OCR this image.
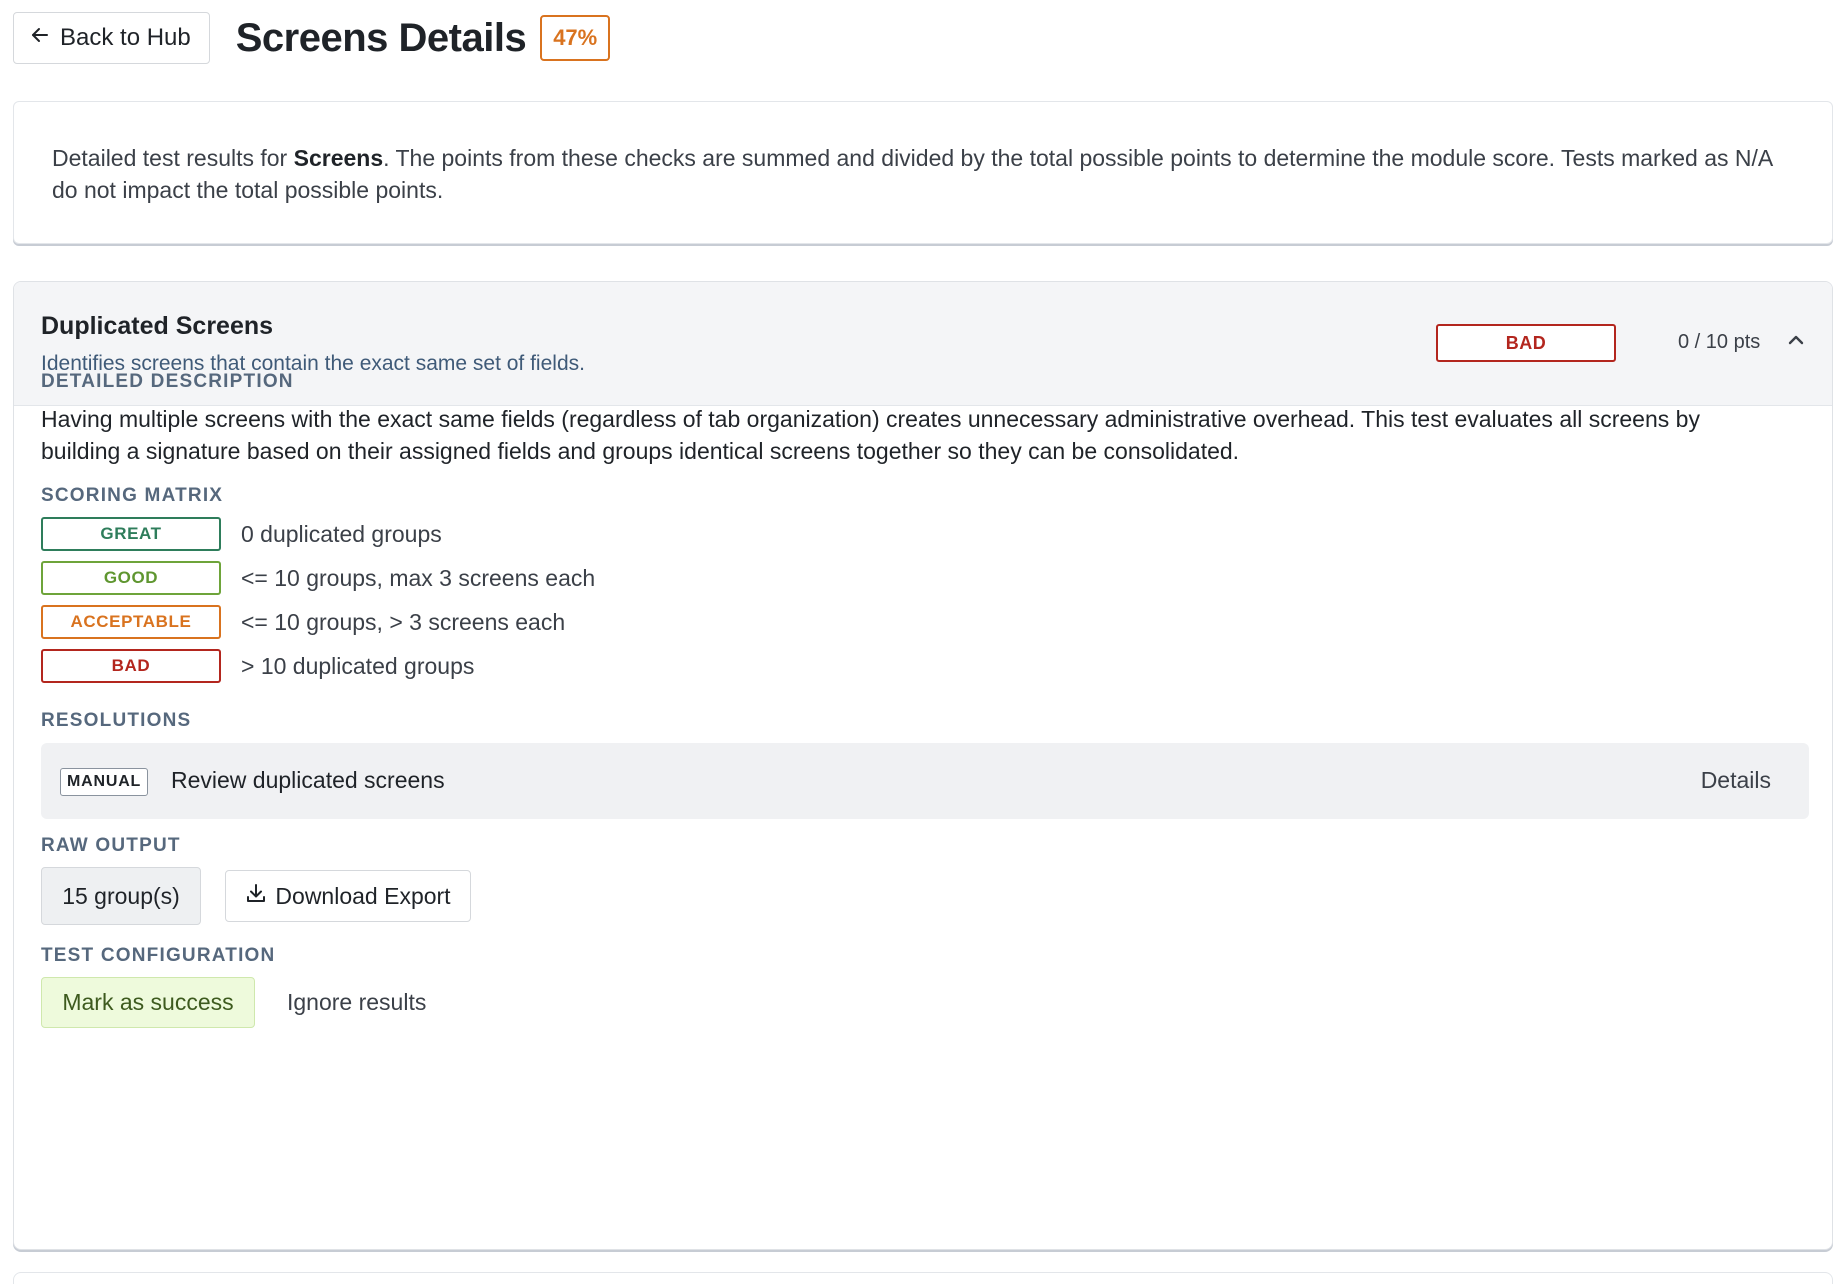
Back to Hub Screens Details	47%

Detailed test results for Screens. The points from these checks are summed and divided by the total possible points to determine the module score. Tests marked as N/A do not impact the total possible points.

Duplicated Screens
Identifies screens that contain the exact same set of fields.
BAD	0 / 10 pts
DETAILED DESCRIPTION

Having multiple screens with the exact same fields (regardless of tab organization) creates unnecessary administrative overhead. This test evaluates all screens by building a signature based on their assigned fields and groups identical screens together so they can be consolidated.

SCORING MATRIX
GREAT	0 duplicated groups
GOOD	<= 10 groups, max 3 screens each
ACCEPTABLE	<= 10 groups, > 3 screens each
BAD	> 10 duplicated groups
RESOLUTIONS
MANUAL	Review duplicated screens	Details
RAW OUTPUT
15 group(s)	Download Export
TEST CONFIGURATION
Mark as success	Ignore results
